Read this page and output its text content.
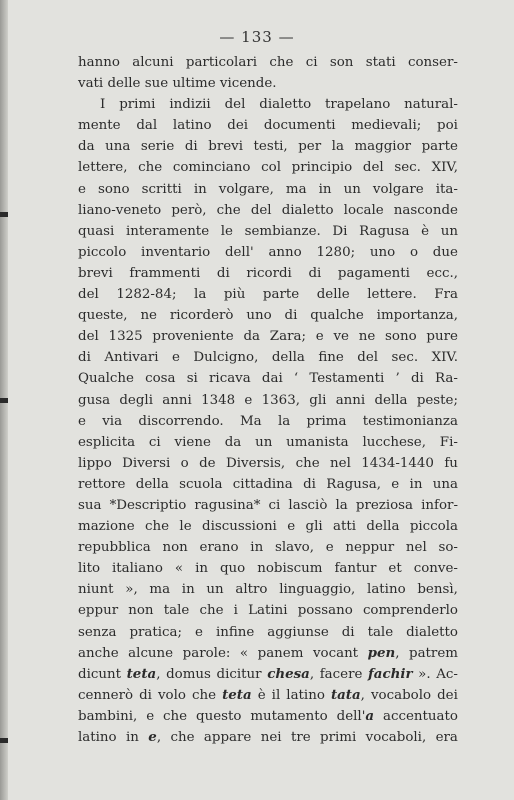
— 133 —
hanno alcuni particolari che ci son stati conser-
vati delle sue ultime vicende.
I primi indizii del dialetto trapelano natural-
mente dal latino dei documenti medievali; poi
da una serie di brevi testi, per la maggior parte
lettere, che cominciano col principio del sec. XIV,
e sono scritti in volgare, ma in un volgare ita-
liano-veneto però, che del dialetto locale nasconde
quasi interamente le sembianze. Di Ragusa è un
piccolo inventario dell' anno 1280; uno o due
brevi frammenti di ricordi di pagamenti ecc.,
del 1282-84; la più parte delle lettere. Fra
queste, ne ricorderò uno di qualche importanza,
del 1325 proveniente da Zara; e ve ne sono pure
di Antivari e Dulcigno, della fine del sec. XIV.
Qualche cosa si ricava dai ‘ Testamenti ’ di Ra-
gusa degli anni 1348 e 1363, gli anni della peste;
e via discorrendo. Ma la prima testimonianza
esplicita ci viene da un umanista lucchese, Fi-
lippo Diversi o de Diversis, che nel 1434-1440 fu
rettore della scuola cittadina di Ragusa, e in una
sua *Descriptio ragusina* ci lasciò la preziosa infor-
mazione che le discussioni e gli atti della piccola
repubblica non erano in slavo, e neppur nel so-
lito italiano « in quo nobiscum fantur et conve-
niunt », ma in un altro linguaggio, latino bensì,
eppur non tale che i Latini possano comprenderlo
senza pratica; e infine aggiunse di tale dialetto
anche alcune parole: « panem vocant pen, patrem
dicunt teta, domus dicitur chesa, facere fachir ». Ac-
cennerò di volo che teta è il latino tata, vocabolo dei
bambini, e che questo mutamento dell'a accentuato
latino in e, che appare nei tre primi vocaboli, era
